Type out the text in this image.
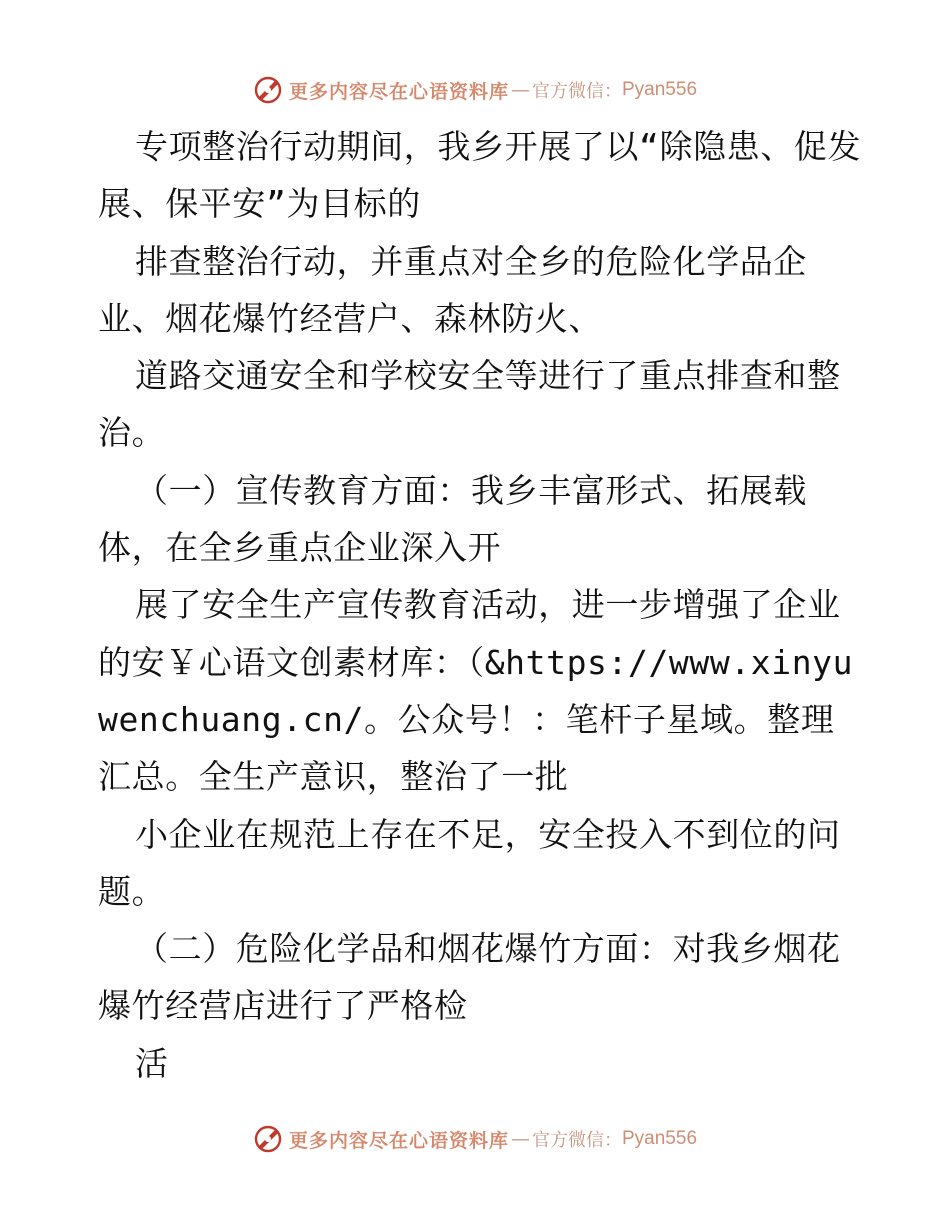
更多内容尽在心语资料库 — 官方微信： Pyan556

专项整治行动期间，我乡开展了以“除隐患、促发展、保平安”为目标的

排查整治行动，并重点对全乡的危险化学品企业、烟花爆竹经营户、森林防火、

道路交通安全和学校安全等进行了重点排查和整治。

（一）宣传教育方面：我乡丰富形式、拓展载体，在全乡重点企业深入开

展了安全生产宣传教育活动，进一步增强了企业的安￥心语文创素材库：（&https://www.xinyuwenchuang.cn/。公众号！：笔杆子星域。整理汇总。全生产意识，整治了一批

小企业在规范上存在不足，安全投入不到位的问题。

（二）危险化学品和烟花爆竹方面：对我乡烟花爆竹经营店进行了严格检

活

更多内容尽在心语资料库 — 官方微信： Pyan556
